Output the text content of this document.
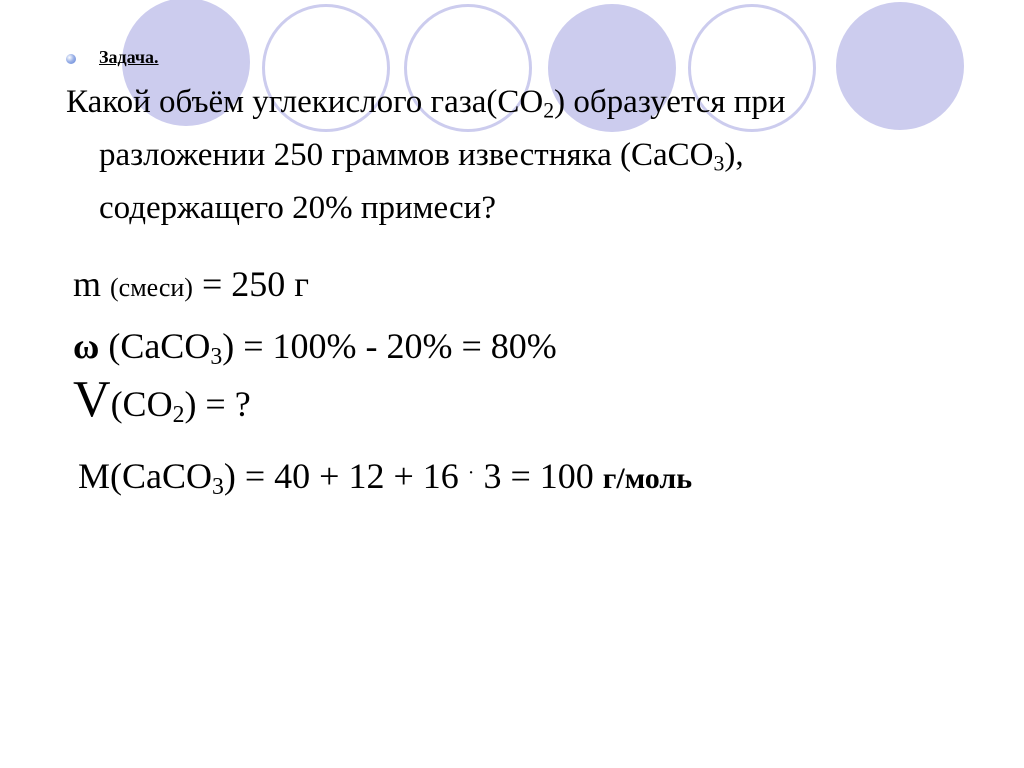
Задача.
Какой объём углекислого $газа(CO_2)$ образуется при
разложении 250 граммов известняка (CaCO$_3$),
содержащего 20% примеси?
m (смеси) = 250 г
ω (CaCO$_3$) = 100% - 20% = 80%
$V(CO_2)$ = ?
M(CaCO$_3$) = 40 + 12 + 16 · 3 = 100 г/моль
